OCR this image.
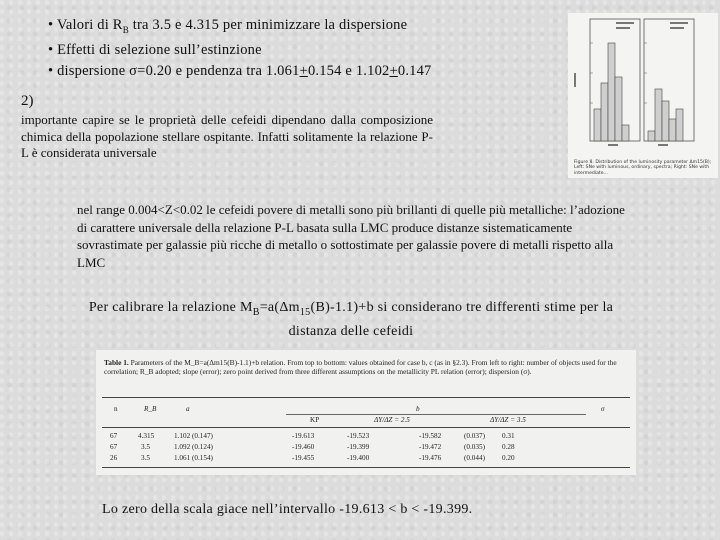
• Valori di $R_B$ tra 3.5 e 4.315 per minimizzare la dispersione
• Effetti di selezione sull’estinzione
• dispersione σ=0.20 e pendenza tra 1.061+0.154 e 1.102+0.147
2)
importante capire se le proprietà delle cefeidi dipendano dalla composizione chimica della popolazione stellare ospitante. Infatti solitamente la relazione P-L è considerata universale
Figure 8. Distribution of the luminosity parameter Δm15(B); Left: SNe with luminous, ordinary, spectra; Right: SNe with intermediate...
nel range 0.004<Z<0.02 le cefeidi povere di metalli sono più brillanti di quelle più metalliche: l’adozione di carattere universale della relazione P-L basata sulla LMC produce distanze sistematicamente sovrastimate per galassie più ricche di metallo o sottostimate per galassie povere di metalli rispetto alla LMC
Per calibrare la relazione $M_B=a(\Delta m_{15}(B)-1.1)+b$ si considerano tre differenti stime per la distanza delle cefeidi
Table 1. Parameters of the M_B=a(Δm15(B)-1.1)+b relation. From top to bottom: values obtained for case b, c (as in §2.3). From left to right: number of objects used for the correlation; R_B adopted; slope (error); zero point derived from three different assumptions on the metallicity PL relation (error); dispersion (σ).
n	R_B	a	b	σ
KP	ΔY/ΔZ = 2.5	ΔY/ΔZ = 3.5
67	4.315	1.102 (0.147)	-19.613	-19.523	-19.582	(0.037) 0.31
67	3.5	1.092 (0.124)	-19.460	-19.399	-19.472	(0.035) 0.28
26	3.5	1.061 (0.154)	-19.455	-19.400	-19.476	(0.044) 0.20
Lo zero della scala giace nell’intervallo -19.613 < b < -19.399.
